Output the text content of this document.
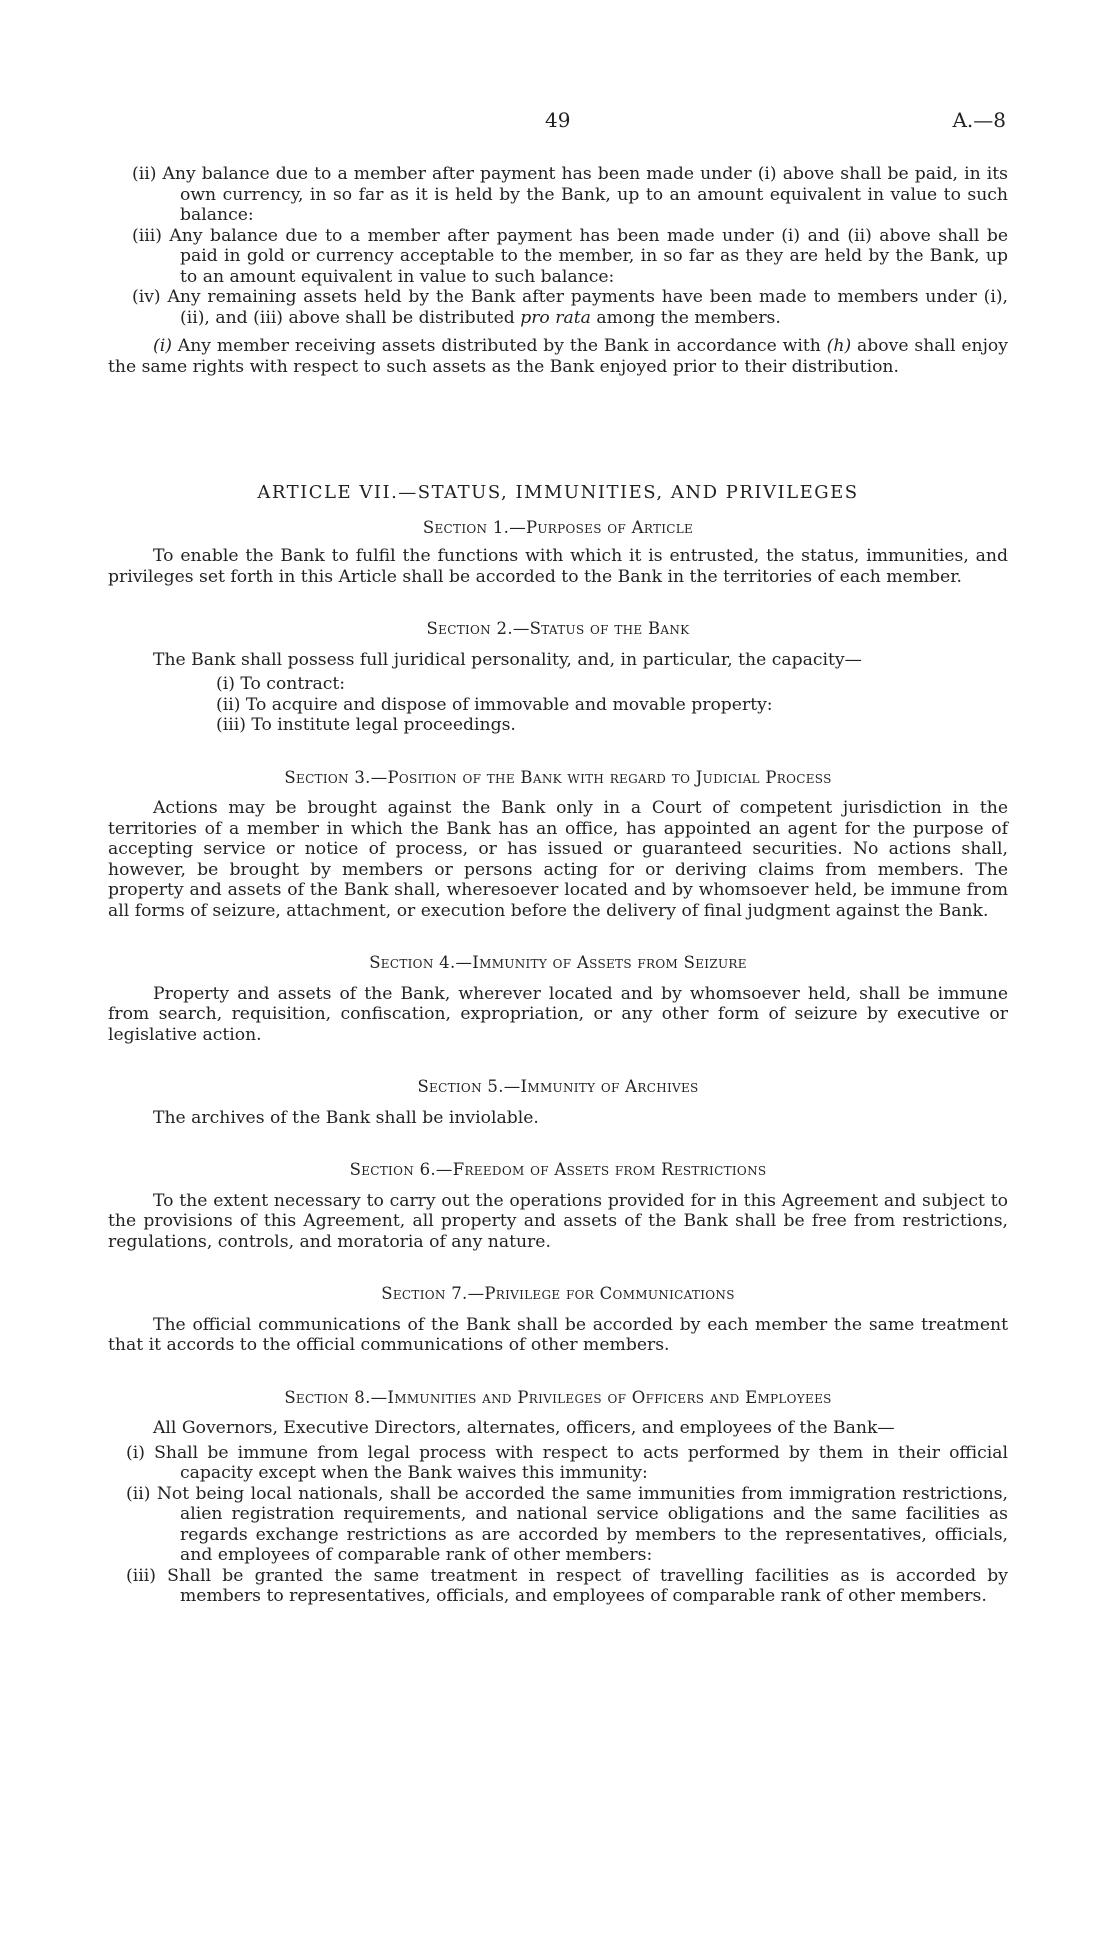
49	A.—8

(ii) Any balance due to a member after payment has been made under (i) above shall be paid, in its own currency, in so far as it is held by the Bank, up to an amount equivalent in value to such balance:

(iii) Any balance due to a member after payment has been made under (i) and (ii) above shall be paid in gold or currency acceptable to the member, in so far as they are held by the Bank, up to an amount equivalent in value to such balance:

(iv) Any remaining assets held by the Bank after payments have been made to members under (i), (ii), and (iii) above shall be distributed pro rata among the members.

(i) Any member receiving assets distributed by the Bank in accordance with (h) above shall enjoy the same rights with respect to such assets as the Bank enjoyed prior to their distribution.

ARTICLE VII.—STATUS, IMMUNITIES, AND PRIVILEGES
Section 1.—Purposes of Article

To enable the Bank to fulfil the functions with which it is entrusted, the status, immunities, and privileges set forth in this Article shall be accorded to the Bank in the territories of each member.

Section 2.—Status of the Bank

The Bank shall possess full juridical personality, and, in particular, the capacity—

(i) To contract:

(ii) To acquire and dispose of immovable and movable property:

(iii) To institute legal proceedings.

Section 3.—Position of the Bank with regard to Judicial Process

Actions may be brought against the Bank only in a Court of competent jurisdiction in the territories of a member in which the Bank has an office, has appointed an agent for the purpose of accepting service or notice of process, or has issued or guaranteed securities. No actions shall, however, be brought by members or persons acting for or deriving claims from members. The property and assets of the Bank shall, wheresoever located and by whomsoever held, be immune from all forms of seizure, attachment, or execution before the delivery of final judgment against the Bank.

Section 4.—Immunity of Assets from Seizure

Property and assets of the Bank, wherever located and by whomsoever held, shall be immune from search, requisition, confiscation, expropriation, or any other form of seizure by executive or legislative action.

Section 5.—Immunity of Archives

The archives of the Bank shall be inviolable.

Section 6.—Freedom of Assets from Restrictions

To the extent necessary to carry out the operations provided for in this Agreement and subject to the provisions of this Agreement, all property and assets of the Bank shall be free from restrictions, regulations, controls, and moratoria of any nature.

Section 7.—Privilege for Communications

The official communications of the Bank shall be accorded by each member the same treatment that it accords to the official communications of other members.

Section 8.—Immunities and Privileges of Officers and Employees

All Governors, Executive Directors, alternates, officers, and employees of the Bank—

(i) Shall be immune from legal process with respect to acts performed by them in their official capacity except when the Bank waives this immunity:

(ii) Not being local nationals, shall be accorded the same immunities from immigration restrictions, alien registration requirements, and national service obligations and the same facilities as regards exchange restrictions as are accorded by members to the representatives, officials, and employees of comparable rank of other members:

(iii) Shall be granted the same treatment in respect of travelling facilities as is accorded by members to representatives, officials, and employees of comparable rank of other members.
